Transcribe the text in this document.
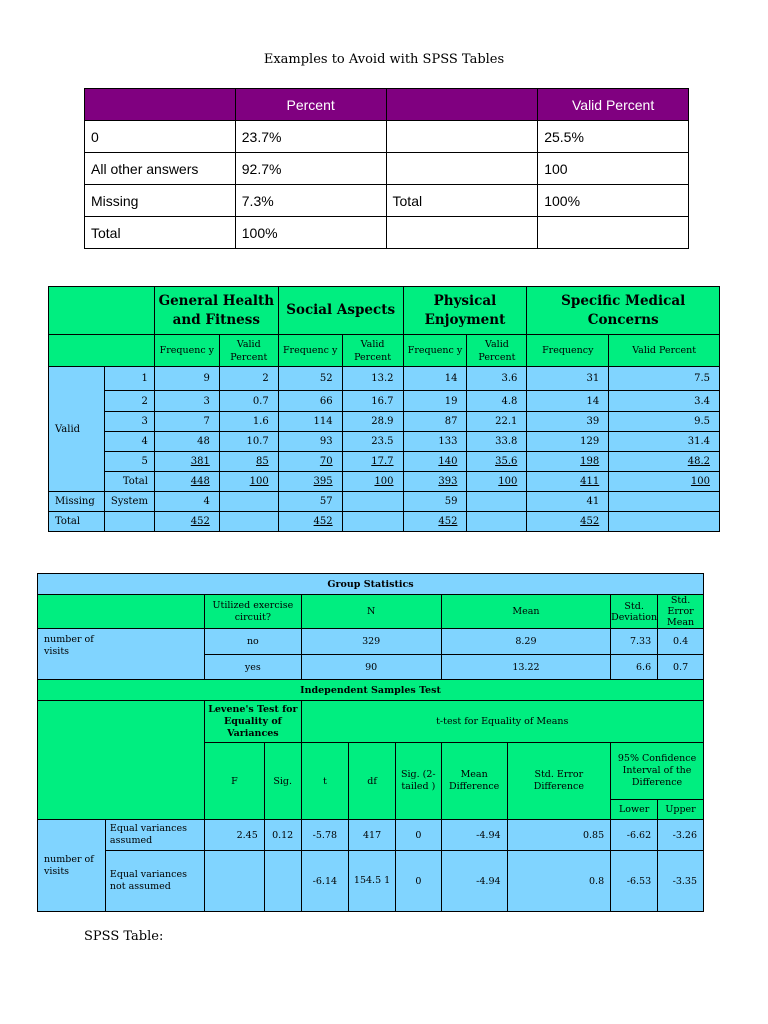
Examples to Avoid with SPSS Tables
	Percent		Valid Percent
0	23.7%		25.5%
All other answers	92.7%		100
Missing	7.3%	Total	100%
Total	100%		
		General Health and Fitness		Social Aspects		Physical Enjoyment		Specific Medical Concerns	
		Frequenc y	Valid Percent	Frequenc y	Valid Percent	Frequenc y	Valid Percent	Frequency	Valid Percent
Valid	1	9	2	52	13.2	14	3.6	31	7.5
	2	3	0.7	66	16.7	19	4.8	14	3.4
	3	7	1.6	114	28.9	87	22.1	39	9.5
	4	48	10.7	93	23.5	133	33.8	129	31.4
	5	381	85	70	17.7	140	35.6	198	48.2
	Total	448	100	395	100	393	100	411	100
Missing	System	4		57		59		41	
Total		452		452		452		452	
Group Statistics										
		Utilized exercise circuit?		N			Mean		Std. Deviation	Std. Error Mean
number of visits		no		329			8.29		7.33	0.4
		yes		90			13.22		6.6	0.7
Independent Samples Test										
		Levene's Test for Equality of Variances		t-test for Equality of Means						
		F	Sig.	t	df	Sig. (2-tailed )	Mean Difference	Std. Error Difference	95% Confidence Interval of the Difference	
									Lower	Upper
number of visits	Equal variances assumed	2.45	0.12	-5.78	417	0	-4.94	0.85	-6.62	-3.26
	Equal variances not assumed			-6.14	154.5 1	0	-4.94	0.8	-6.53	-3.35
SPSS Table:
